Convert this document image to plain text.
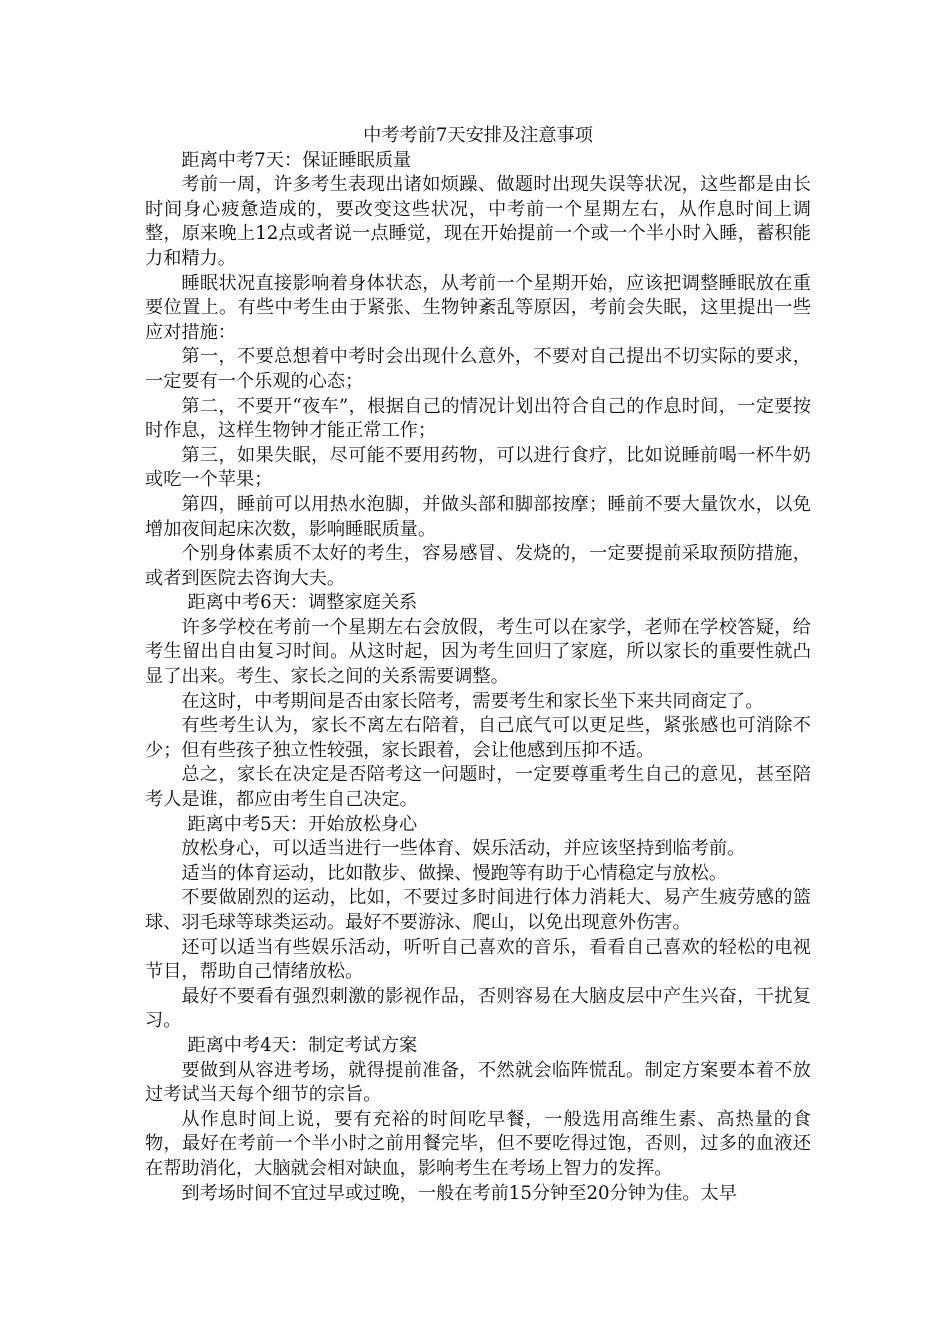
中考考前7天安排及注意事项

距离中考7天：保证睡眠质量

考前一周，许多考生表现出诸如烦躁、做题时出现失误等状况，这些都是由长时间身心疲惫造成的，要改变这些状况，中考前一个星期左右，从作息时间上调整，原来晚上12点或者说一点睡觉，现在开始提前一个或一个半小时入睡，蓄积能力和精力。

睡眠状况直接影响着身体状态，从考前一个星期开始，应该把调整睡眠放在重要位置上。有些中考生由于紧张、生物钟紊乱等原因，考前会失眠，这里提出一些应对措施：

第一，不要总想着中考时会出现什么意外，不要对自己提出不切实际的要求，一定要有一个乐观的心态；

第二，不要开“夜车”，根据自己的情况计划出符合自己的作息时间，一定要按时作息，这样生物钟才能正常工作；

第三，如果失眠，尽可能不要用药物，可以进行食疗，比如说睡前喝一杯牛奶或吃一个苹果；

第四，睡前可以用热水泡脚，并做头部和脚部按摩；睡前不要大量饮水，以免增加夜间起床次数，影响睡眠质量。

个别身体素质不太好的考生，容易感冒、发烧的，一定要提前采取预防措施，或者到医院去咨询大夫。

距离中考6天：调整家庭关系

许多学校在考前一个星期左右会放假，考生可以在家学，老师在学校答疑，给考生留出自由复习时间。从这时起，因为考生回归了家庭，所以家长的重要性就凸显了出来。考生、家长之间的关系需要调整。

在这时，中考期间是否由家长陪考，需要考生和家长坐下来共同商定了。

有些考生认为，家长不离左右陪着，自己底气可以更足些，紧张感也可消除不少；但有些孩子独立性较强，家长跟着，会让他感到压抑不适。

总之，家长在决定是否陪考这一问题时，一定要尊重考生自己的意见，甚至陪考人是谁，都应由考生自己决定。

距离中考5天：开始放松身心

放松身心，可以适当进行一些体育、娱乐活动，并应该坚持到临考前。

适当的体育运动，比如散步、做操、慢跑等有助于心情稳定与放松。

不要做剧烈的运动，比如，不要过多时间进行体力消耗大、易产生疲劳感的篮球、羽毛球等球类运动。最好不要游泳、爬山，以免出现意外伤害。

还可以适当有些娱乐活动，听听自己喜欢的音乐，看看自己喜欢的轻松的电视节目，帮助自己情绪放松。

最好不要看有强烈刺激的影视作品，否则容易在大脑皮层中产生兴奋，干扰复习。

距离中考4天：制定考试方案

要做到从容进考场，就得提前准备，不然就会临阵慌乱。制定方案要本着不放过考试当天每个细节的宗旨。

从作息时间上说，要有充裕的时间吃早餐，一般选用高维生素、高热量的食物，最好在考前一个半小时之前用餐完毕，但不要吃得过饱，否则，过多的血液还在帮助消化，大脑就会相对缺血，影响考生在考场上智力的发挥。

到考场时间不宜过早或过晚，一般在考前15分钟至20分钟为佳。太早
